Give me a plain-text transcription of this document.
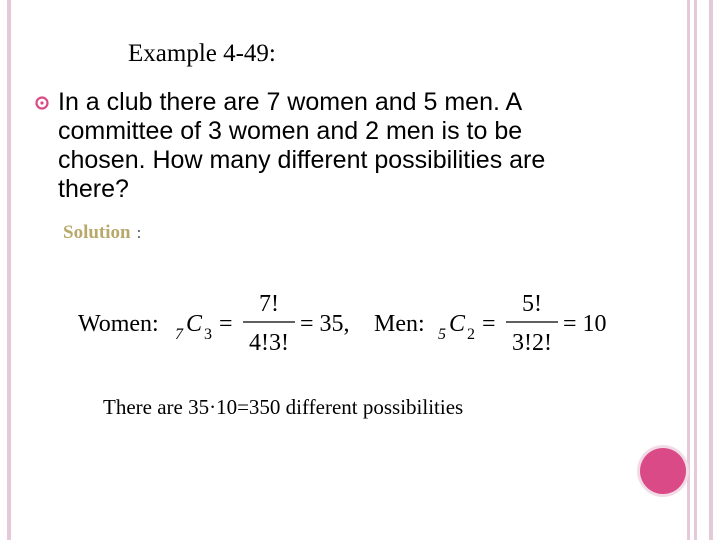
Example 4-49:
In a club there are 7 women and 5 men. A committee of 3 women and 2 men is to be chosen. How many different possibilities are there?
Solution :
Women: 7 C 3 =
7!
4!3!
= 35, Men: 5 C 2 =
5!
3!2!
= 10
There are 35·10=350 different possibilities
